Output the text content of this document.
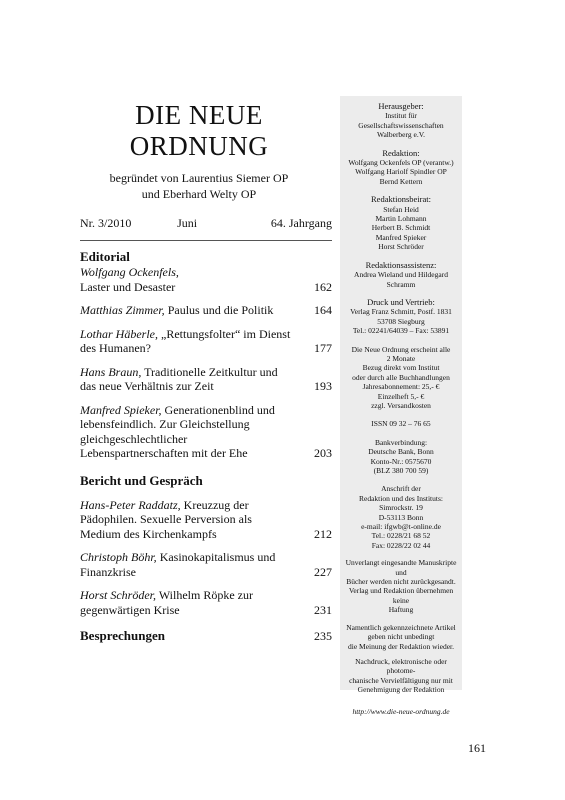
DIE NEUE
ORDNUNG
begründet von Laurentius Siemer OP
und Eberhard Welty OP
Nr. 3/2010	Juni	64. Jahrgang
Editorial
Wolfgang Ockenfels,
Laster und Desaster	162
Matthias Zimmer, Paulus und die Politik	164
Lothar Häberle, „Rettungsfolter“ im Dienst des Humanen?	177
Hans Braun, Traditionelle Zeitkultur und das neue Verhältnis zur Zeit	193
Manfred Spieker, Generationenblind und lebensfeindlich. Zur Gleichstellung gleichgeschlechtlicher Lebenspartnerschaften mit der Ehe	203
Bericht und Gespräch
Hans-Peter Raddatz, Kreuzzug der Pädophilen. Sexuelle Perversion als Medium des Kirchenkampfs	212
Christoph Böhr, Kasinokapitalismus und Finanzkrise	227
Horst Schröder, Wilhelm Röpke zur gegenwärtigen Krise	231
Besprechungen	235
Herausgeber:
Institut für
Gesellschaftswissenschaften
Walberberg e.V.
Redaktion:
Wolfgang Ockenfels OP (verantw.)
Wolfgang Hariolf Spindler OP
Bernd Kettern
Redaktionsbeirat:
Stefan Heid
Martin Lohmann
Herbert B. Schmidt
Manfred Spieker
Horst Schröder
Redaktionsassistenz:
Andrea Wieland und Hildegard Schramm
Druck und Vertrieb:
Verlag Franz Schmitt, Postf. 1831
53708 Siegburg
Tel.: 02241/64039 – Fax: 53891
Die Neue Ordnung erscheint alle
2 Monate
Bezug direkt vom Institut
oder durch alle Buchhandlungen
Jahresabonnement: 25,- €
Einzelheft 5,- €
zzgl. Versandkosten
ISSN 09 32 – 76 65
Bankverbindung:
Deutsche Bank, Bonn
Konto-Nr.: 0575670
(BLZ 380 700 59)
Anschrift der
Redaktion und des Instituts:
Simrockstr. 19
D-53113 Bonn
e-mail: ifgwb@t-online.de
Tel.: 0228/21 68 52
Fax: 0228/22 02 44
Unverlangt eingesandte Manuskripte und
Bücher werden nicht zurückgesandt.
Verlag und Redaktion übernehmen keine
Haftung
Namentlich gekennzeichnete Artikel
geben nicht unbedingt
die Meinung der Redaktion wieder.
Nachdruck, elektronische oder photome-
chanische Vervielfältigung nur mit
Genehmigung der Redaktion
http://www.die-neue-ordnung.de
161
